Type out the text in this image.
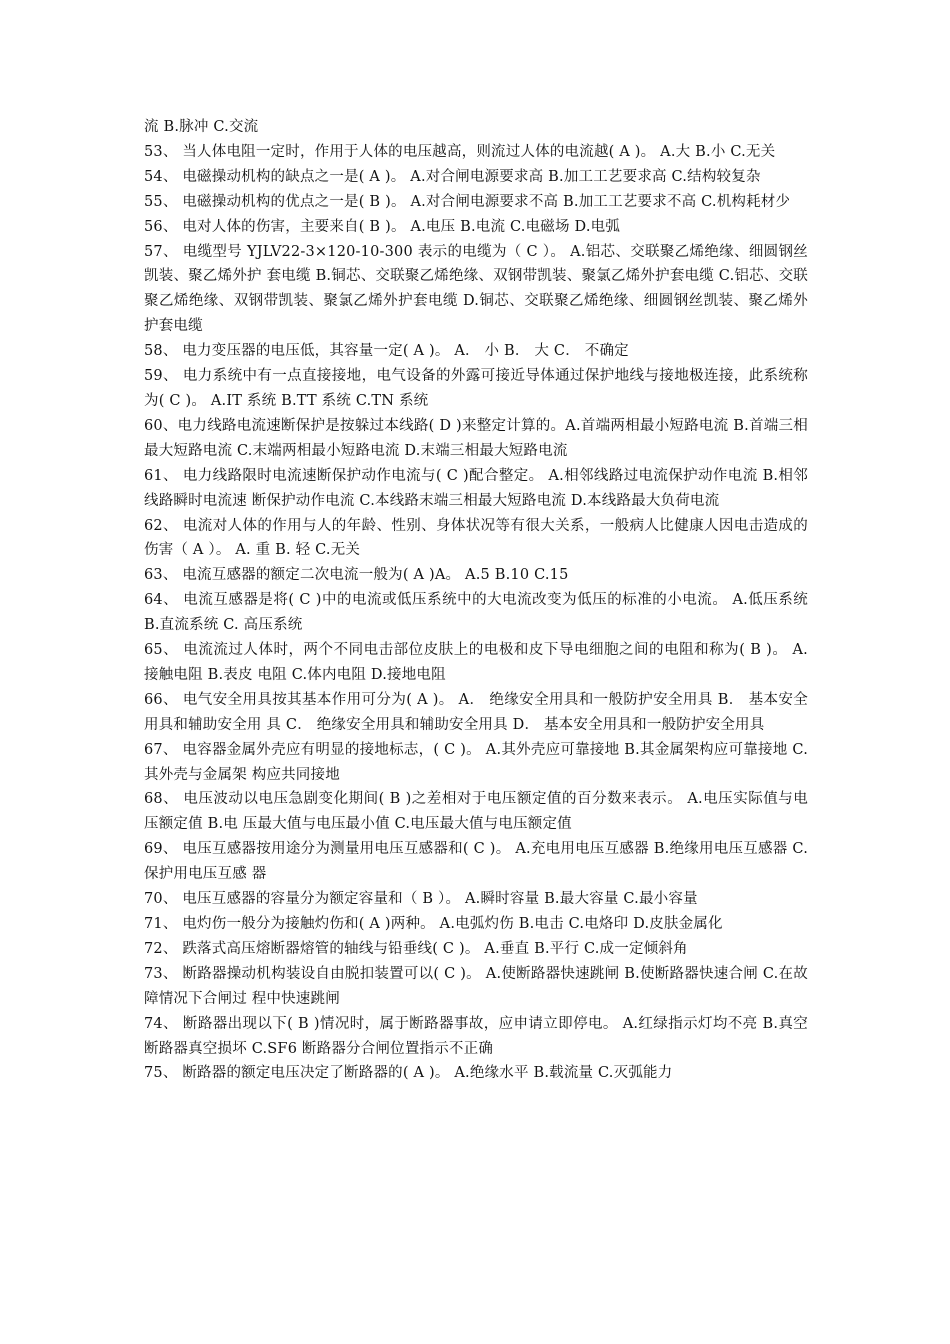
流 B.脉冲 C.交流

53、 当人体电阻一定时，作用于人体的电压越高，则流过人体的电流越( A )。 A.大 B.小 C.无关

54、 电磁操动机构的缺点之一是( A )。 A.对合闸电源要求高 B.加工工艺要求高 C.结构较复杂

55、 电磁操动机构的优点之一是( B )。 A.对合闸电源要求不高 B.加工工艺要求不高 C.机构耗材少

56、 电对人体的伤害，主要来自( B )。 A.电压 B.电流 C.电磁场 D.电弧

57、 电缆型号 YJLV22-3×120-10-300 表示的电缆为（ C ）。 A.铝芯、交联聚乙烯绝缘、细圆钢丝凯装、聚乙烯外护 套电缆 B.铜芯、交联聚乙烯绝缘、双钢带凯装、聚氯乙烯外护套电缆 C.铝芯、交联聚乙烯绝缘、双钢带凯装、聚氯乙烯外护套电缆 D.铜芯、交联聚乙烯绝缘、细圆钢丝凯装、聚乙烯外护套电缆

58、 电力变压器的电压低，其容量一定( A )。 A． 小 B． 大 C． 不确定

59、 电力系统中有一点直接接地，电气设备的外露可接近导体通过保护地线与接地极连接，此系统称为( C )。 A.IT 系统 B.TT 系统 C.TN 系统

60、电力线路电流速断保护是按躲过本线路( D )来整定计算的。A.首端两相最小短路电流 B.首端三相最大短路电流 C.末端两相最小短路电流 D.末端三相最大短路电流

61、 电力线路限时电流速断保护动作电流与( C )配合整定。 A.相邻线路过电流保护动作电流 B.相邻线路瞬时电流速 断保护动作电流 C.本线路末端三相最大短路电流 D.本线路最大负荷电流

62、 电流对人体的作用与人的年龄、性别、身体状况等有很大关系，一般病人比健康人因电击造成的伤害（ A ）。 A. 重 B. 轻 C.无关

63、 电流互感器的额定二次电流一般为( A )A。 A.5 B.10 C.15

64、 电流互感器是将( C )中的电流或低压系统中的大电流改变为低压的标准的小电流。 A.低压系统 B.直流系统 C. 高压系统

65、 电流流过人体时，两个不同电击部位皮肤上的电极和皮下导电细胞之间的电阻和称为( B )。 A.接触电阻 B.表皮 电阻 C.体内电阻 D.接地电阻

66、 电气安全用具按其基本作用可分为( A )。 A． 绝缘安全用具和一般防护安全用具 B． 基本安全用具和辅助安全用 具 C． 绝缘安全用具和辅助安全用具 D． 基本安全用具和一般防护安全用具

67、 电容器金属外壳应有明显的接地标志，( C )。 A.其外壳应可靠接地 B.其金属架构应可靠接地 C.其外壳与金属架 构应共同接地

68、 电压波动以电压急剧变化期间( B )之差相对于电压额定值的百分数来表示。 A.电压实际值与电压额定值 B.电 压最大值与电压最小值 C.电压最大值与电压额定值

69、 电压互感器按用途分为测量用电压互感器和( C )。 A.充电用电压互感器 B.绝缘用电压互感器 C.保护用电压互感 器

70、 电压互感器的容量分为额定容量和（ B ）。 A.瞬时容量 B.最大容量 C.最小容量

71、 电灼伤一般分为接触灼伤和( A )两种。 A.电弧灼伤 B.电击 C.电烙印 D.皮肤金属化

72、 跌落式高压熔断器熔管的轴线与铅垂线( C )。 A.垂直 B.平行 C.成一定倾斜角

73、 断路器操动机构装设自由脱扣装置可以( C )。 A.使断路器快速跳闸 B.使断路器快速合闸 C.在故障情况下合闸过 程中快速跳闸

74、 断路器出现以下( B )情况时，属于断路器事故，应申请立即停电。 A.红绿指示灯均不亮 B.真空断路器真空损坏 C.SF6 断路器分合闸位置指示不正确

75、 断路器的额定电压决定了断路器的( A )。 A.绝缘水平 B.载流量 C.灭弧能力
